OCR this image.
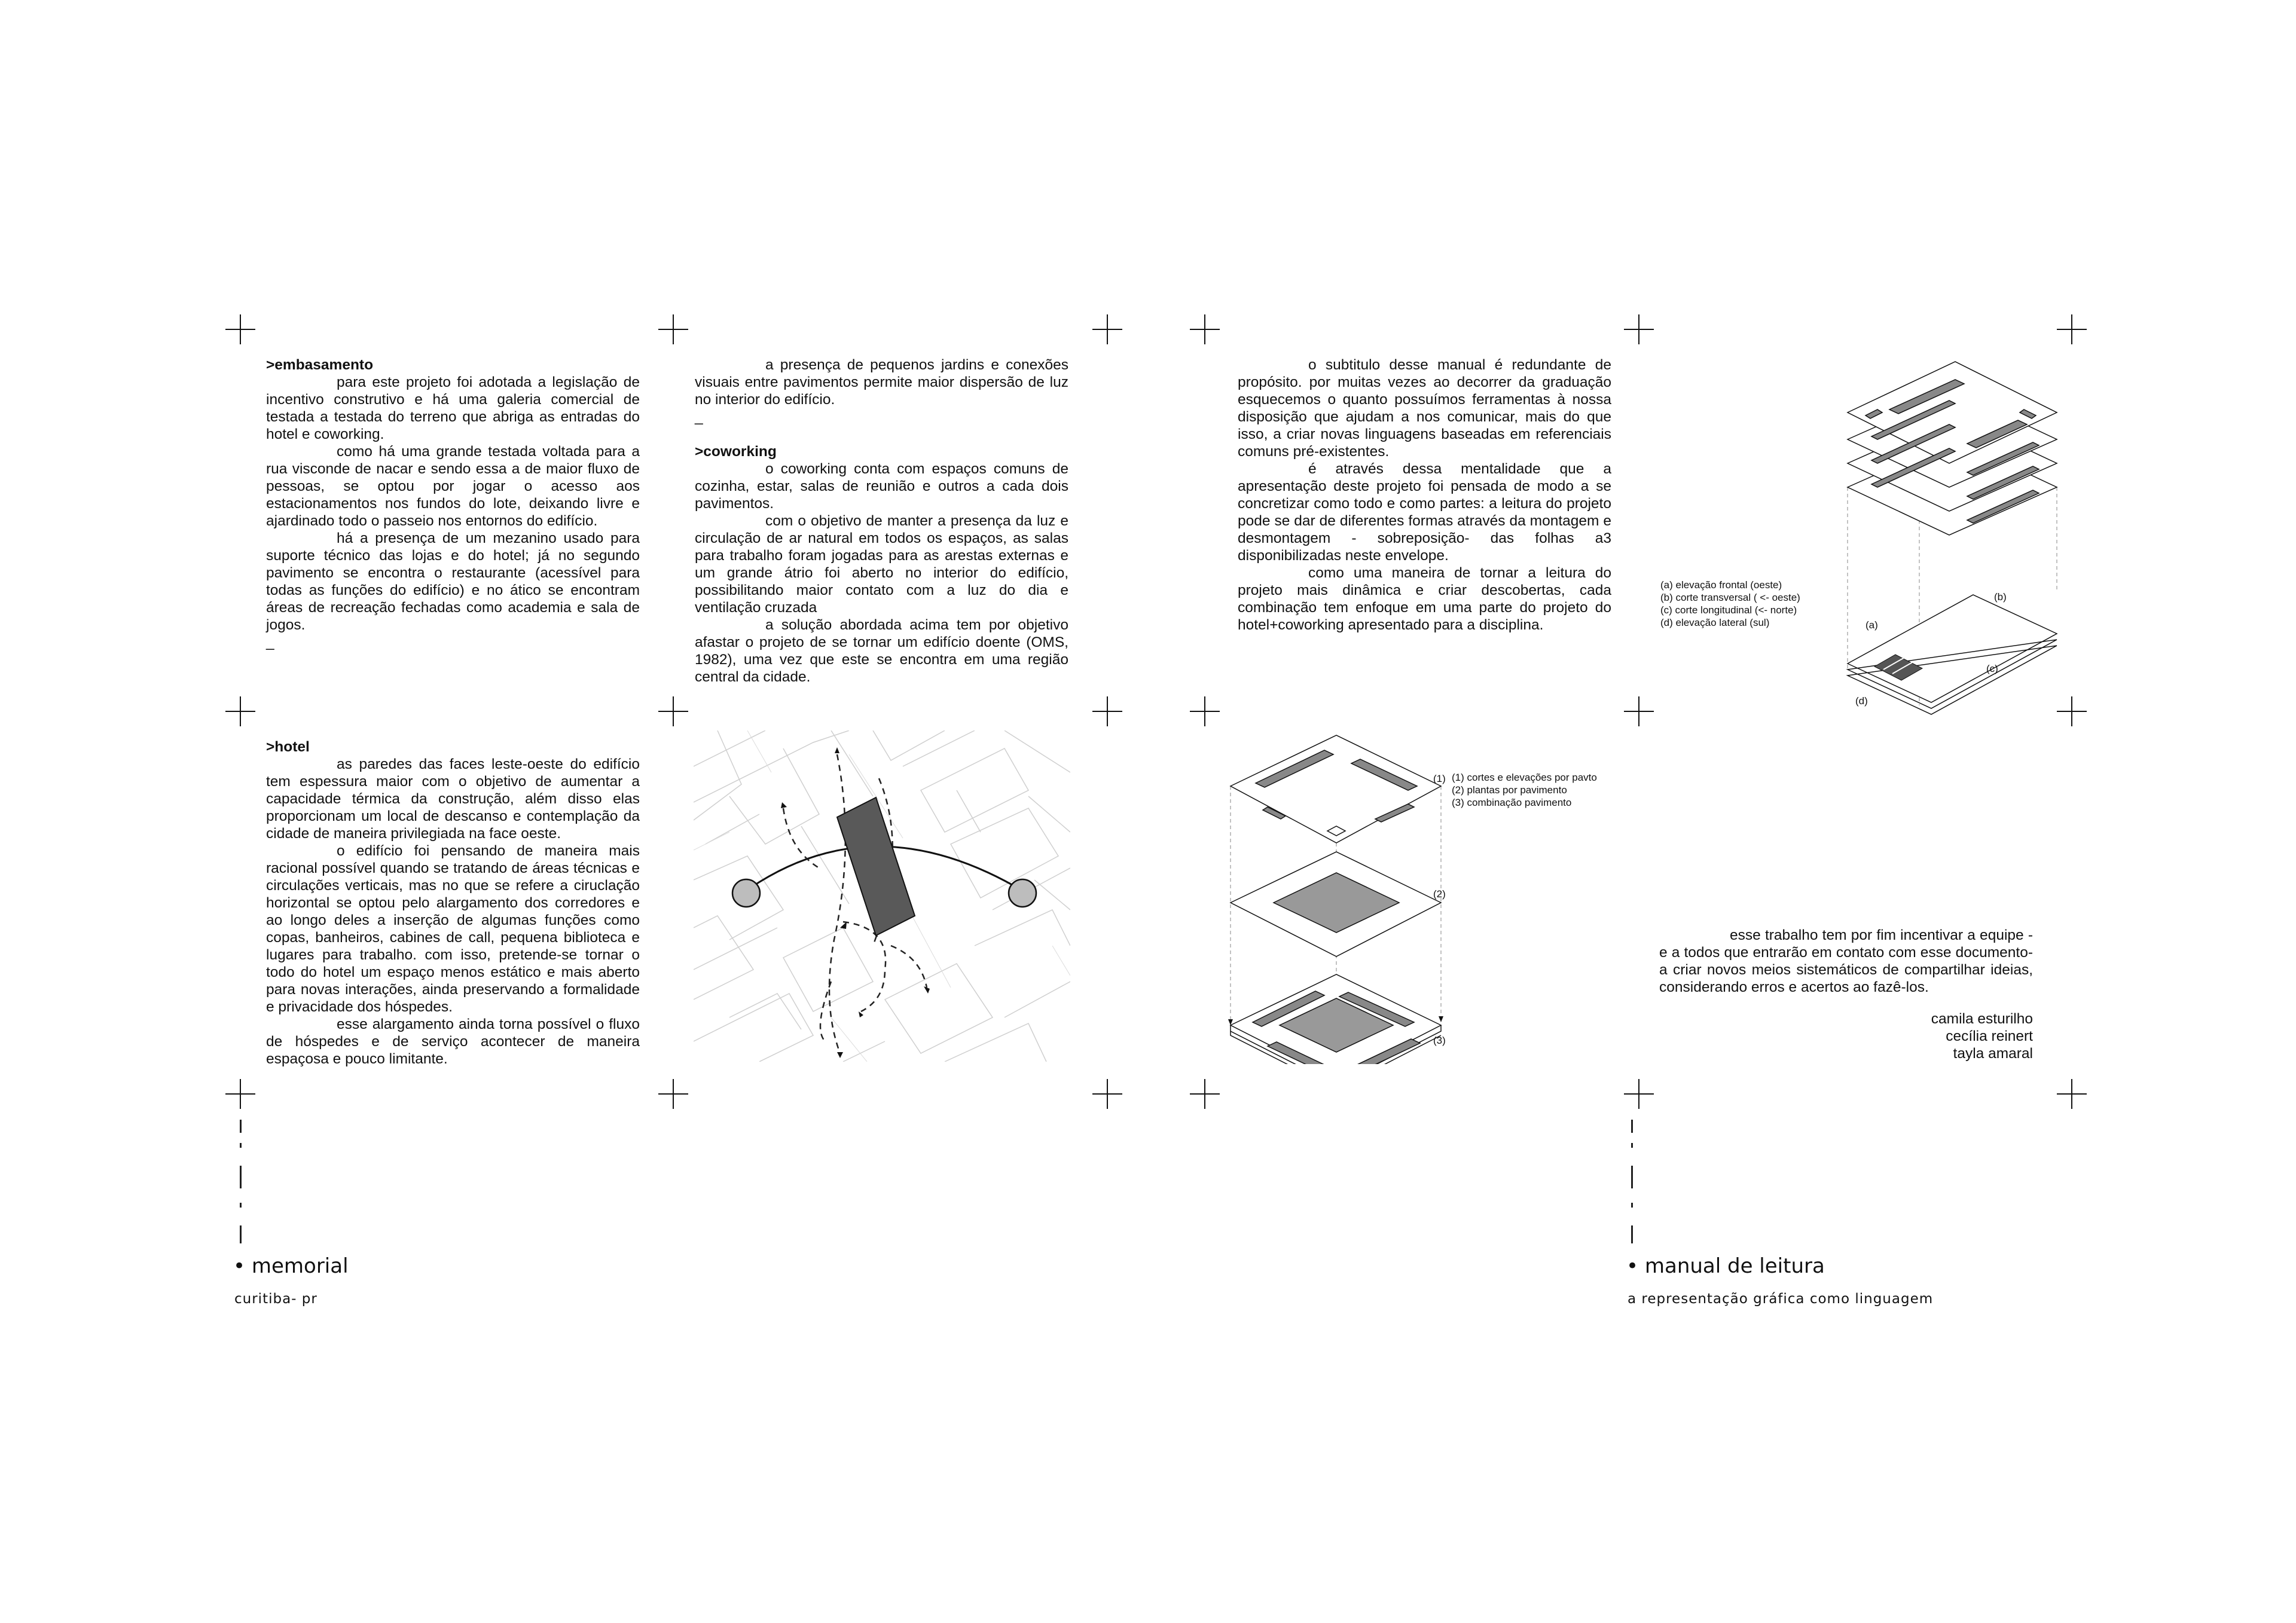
>embasamento

para este projeto foi adotada a legislação de incentivo construtivo e há uma galeria comercial de testada a testada do terreno que abriga as entradas do hotel e coworking.

como há uma grande testada voltada para a rua visconde de nacar e sendo essa a de maior fluxo de pessoas, se optou por jogar o acesso aos estacionamentos nos fundos do lote, deixando livre e ajardinado todo o passeio nos entornos do edifício.

há a presença de um mezanino usado para suporte técnico das lojas e do hotel; já no segundo pavimento se encontra o restaurante (acessível para todas as funções do edifício) e no ático se encontram áreas de recreação fechadas como academia e sala de jogos.

_

a presença de pequenos jardins e conexões visuais entre pavimentos permite maior dispersão de luz no interior do edifício.

_

>coworking

o coworking conta com espaços comuns de cozinha, estar, salas de reunião e outros a cada dois pavimentos.

com o objetivo de manter a presença da luz e circulação de ar natural em todos os espaços, as salas para trabalho foram jogadas para as arestas externas e um grande átrio foi aberto no interior do edifício, possibilitando maior contato com a luz do dia e ventilação cruzada

a solução abordada acima tem por objetivo afastar o projeto de se tornar um edifício doente (OMS, 1982), uma vez que este se encontra em uma região central da cidade.

>hotel

as paredes das faces leste-oeste do edifício tem espessura maior com o objetivo de aumentar a capacidade térmica da construção, além disso elas proporcionam um local de descanso e contemplação da cidade de maneira privilegiada na face oeste.

o edifício foi pensando de maneira mais racional possível quando se tratando de áreas técnicas e circulações verticais, mas no que se refere a ciruclação horizontal se optou pelo alargamento dos corredores e ao longo deles a inserção de algumas funções como copas, banheiros, cabines de call, pequena biblioteca e lugares para trabalho. com isso, pretende-se tornar o todo do hotel um espaço menos estático e mais aberto para novas interações, ainda preservando a formalidade e privacidade dos hóspedes.

esse alargamento ainda torna possível o fluxo de hóspedes e de serviço acontecer de maneira espaçosa e pouco limitante.

• memorial
curitiba- pr

o subtitulo desse manual é redundante de propósito. por muitas vezes ao decorrer da graduação esquecemos o quanto possuímos ferramentas à nossa disposição que ajudam a nos comunicar, mais do que isso, a criar novas linguagens baseadas em referenciais comuns pré-existentes.

é através dessa mentalidade que a apresentação deste projeto foi pensada de modo a se concretizar como todo e como partes: a leitura do projeto pode se dar de diferentes formas através da montagem e desmontagem - sobreposição- das folhas a3 disponibilizadas neste envelope.

como uma maneira de tornar a leitura do projeto mais dinâmica e criar descobertas, cada combinação tem enfoque em uma parte do projeto do hotel+coworking apresentado para a disciplina.	(a)
(b)
(c)
(d)
(a) elevação frontal (oeste)
(b) corte transversal ( <- oeste)
(c) corte longitudinal (<- norte)
(d) elevação lateral (sul)
(1)
(2)
(3)
(1) cortes e elevações por pavto
(2) plantas por pavimento
(3) combinação pavimento

esse trabalho tem por fim incentivar a equipe -e a todos que entrarão em contato com esse documento- a criar novos meios sistemáticos de compartilhar ideias, considerando erros e acertos ao fazê-los.

camila esturilho
cecília reinert
tayla amaral
• manual de leitura
a representação gráfica como linguagem
